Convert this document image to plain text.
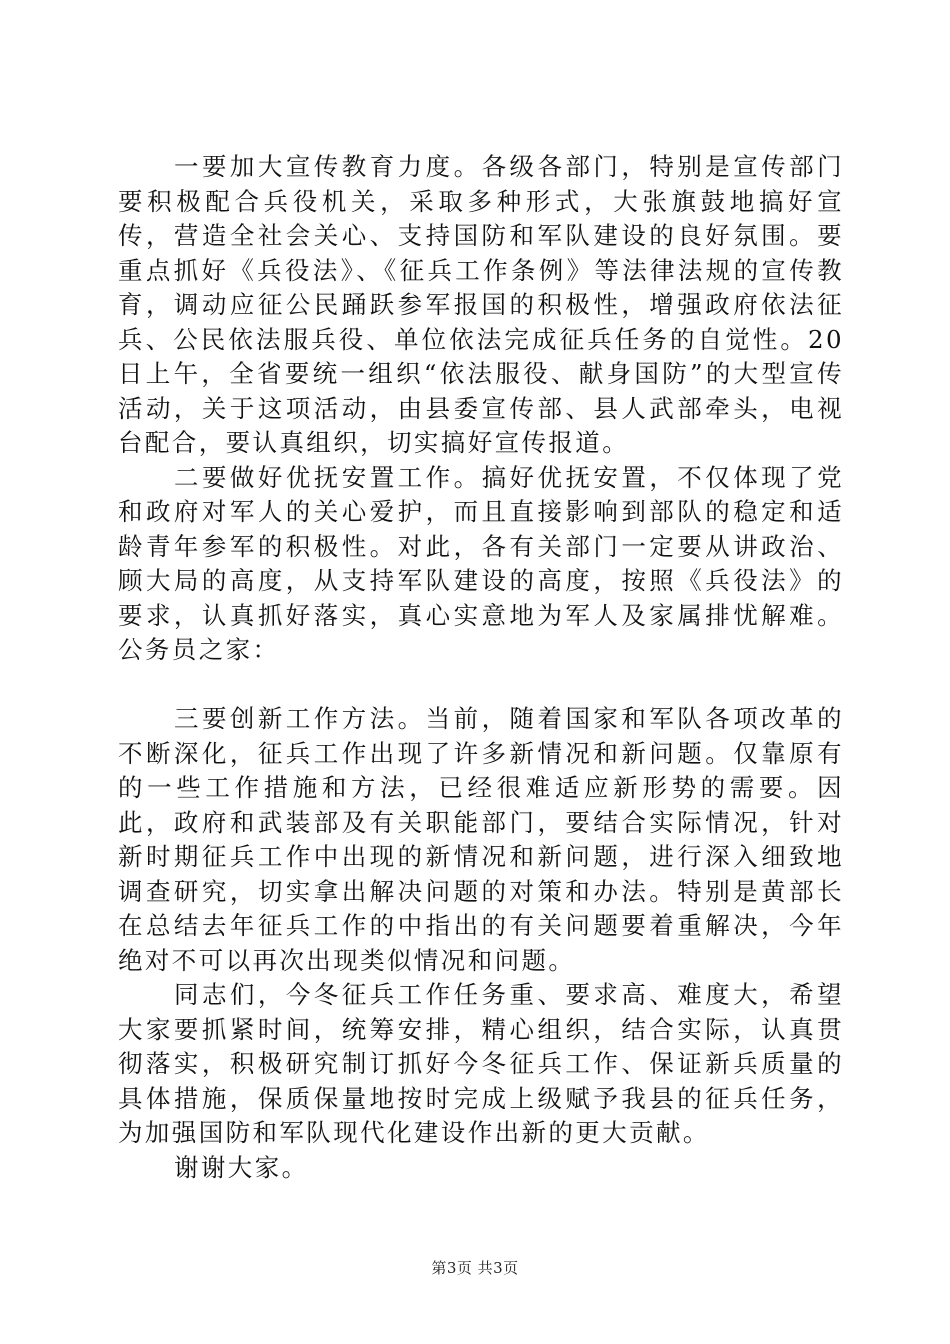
一要加大宣传教育力度。各级各部门，特别是宣传部门要积极配合兵役机关，采取多种形式，大张旗鼓地搞好宣传，营造全社会关心、支持国防和军队建设的良好氛围。要重点抓好《兵役法》、《征兵工作条例》等法律法规的宣传教育，调动应征公民踊跃参军报国的积极性，增强政府依法征兵、公民依法服兵役、单位依法完成征兵任务的自觉性。20日上午，全省要统一组织“依法服役、献身国防”的大型宣传活动，关于这项活动，由县委宣传部、县人武部牵头，电视台配合，要认真组织，切实搞好宣传报道。

二要做好优抚安置工作。搞好优抚安置，不仅体现了党和政府对军人的关心爱护，而且直接影响到部队的稳定和适龄青年参军的积极性。对此，各有关部门一定要从讲政治、顾大局的高度，从支持军队建设的高度，按照《兵役法》的要求，认真抓好落实，真心实意地为军人及家属排忧解难。公务员之家：

三要创新工作方法。当前，随着国家和军队各项改革的不断深化，征兵工作出现了许多新情况和新问题。仅靠原有的一些工作措施和方法，已经很难适应新形势的需要。因此，政府和武装部及有关职能部门，要结合实际情况，针对新时期征兵工作中出现的新情况和新问题，进行深入细致地调查研究，切实拿出解决问题的对策和办法。特别是黄部长在总结去年征兵工作的中指出的有关问题要着重解决，今年绝对不可以再次出现类似情况和问题。

同志们，今冬征兵工作任务重、要求高、难度大，希望大家要抓紧时间，统筹安排，精心组织，结合实际，认真贯彻落实，积极研究制订抓好今冬征兵工作、保证新兵质量的具体措施，保质保量地按时完成上级赋予我县的征兵任务，为加强国防和军队现代化建设作出新的更大贡献。

谢谢大家。

第3页 共3页
